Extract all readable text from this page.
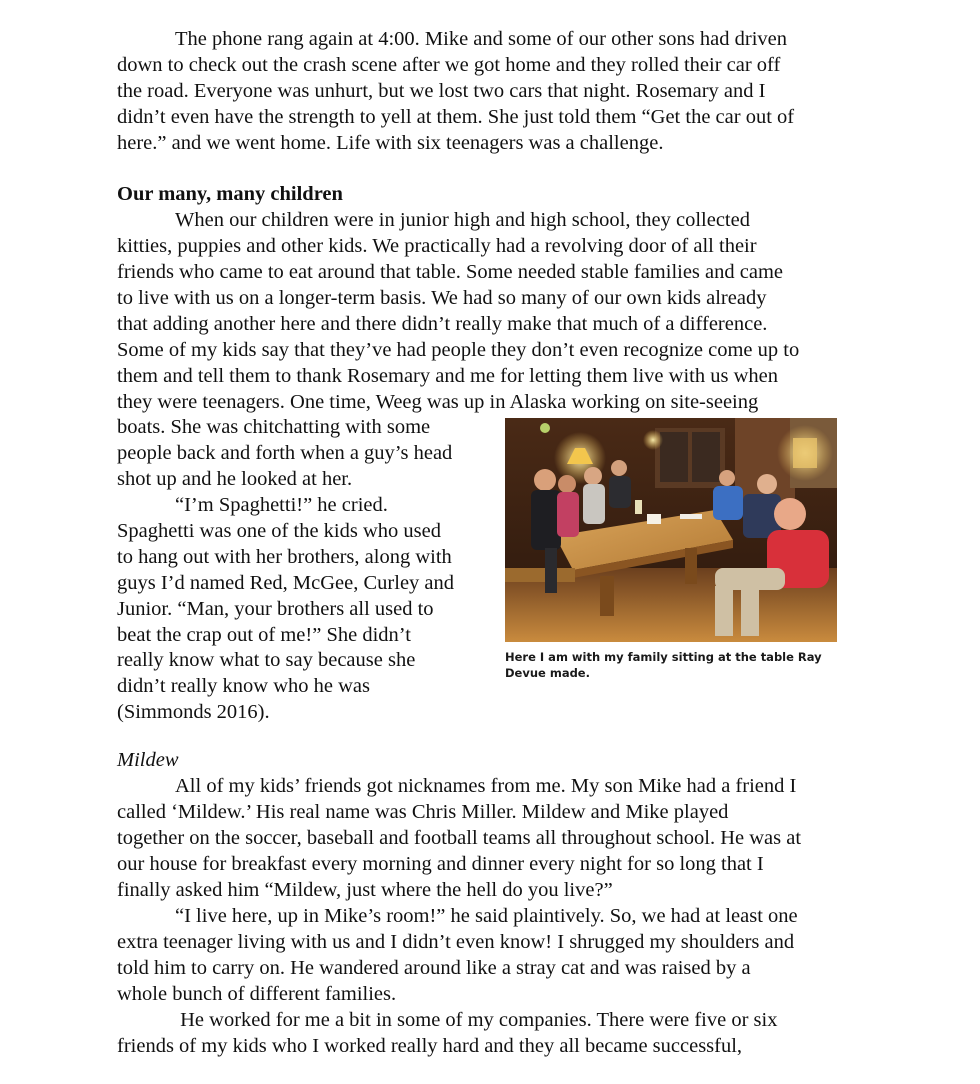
The phone rang again at 4:00. Mike and some of our other sons had driven

down to check out the crash scene after we got home and they rolled their car off

the road. Everyone was unhurt, but we lost two cars that night. Rosemary and I

didn’t even have the strength to yell at them. She just told them “Get the car out of

here.” and we went home. Life with six teenagers was a challenge.

Our many, many children

When our children were in junior high and high school, they collected

kitties, puppies and other kids. We practically had a revolving door of all their

friends who came to eat around that table. Some needed stable families and came

to live with us on a longer-term basis. We had so many of our own kids already

that adding another here and there didn’t really make that much of a difference.

Some of my kids say that they’ve had people they don’t even recognize come up to

them and tell them to thank Rosemary and me for letting them live with us when

they were teenagers. One time, Weeg was up in Alaska working on site-seeing

boats. She was chitchatting with some

people back and forth when a guy’s head

shot up and he looked at her.

“I’m Spaghetti!” he cried.

Spaghetti was one of the kids who used

to hang out with her brothers, along with

guys I’d named Red, McGee, Curley and

Junior. “Man, your brothers all used to

beat the crap out of me!” She didn’t

really know what to say because she

didn’t really know who he was

(Simmonds 2016).

Here I am with my family sitting at the table Ray
Devue made.

Mildew

All of my kids’ friends got nicknames from me. My son Mike had a friend I

called ‘Mildew.’ His real name was Chris Miller. Mildew and Mike played

together on the soccer, baseball and football teams all throughout school. He was at

our house for breakfast every morning and dinner every night for so long that I

finally asked him “Mildew, just where the hell do you live?”

“I live here, up in Mike’s room!” he said plaintively. So, we had at least one

extra teenager living with us and I didn’t even know! I shrugged my shoulders and

told him to carry on. He wandered around like a stray cat and was raised by a

whole bunch of different families.

He worked for me a bit in some of my companies. There were five or six

friends of my kids who I worked really hard and they all became successful,
